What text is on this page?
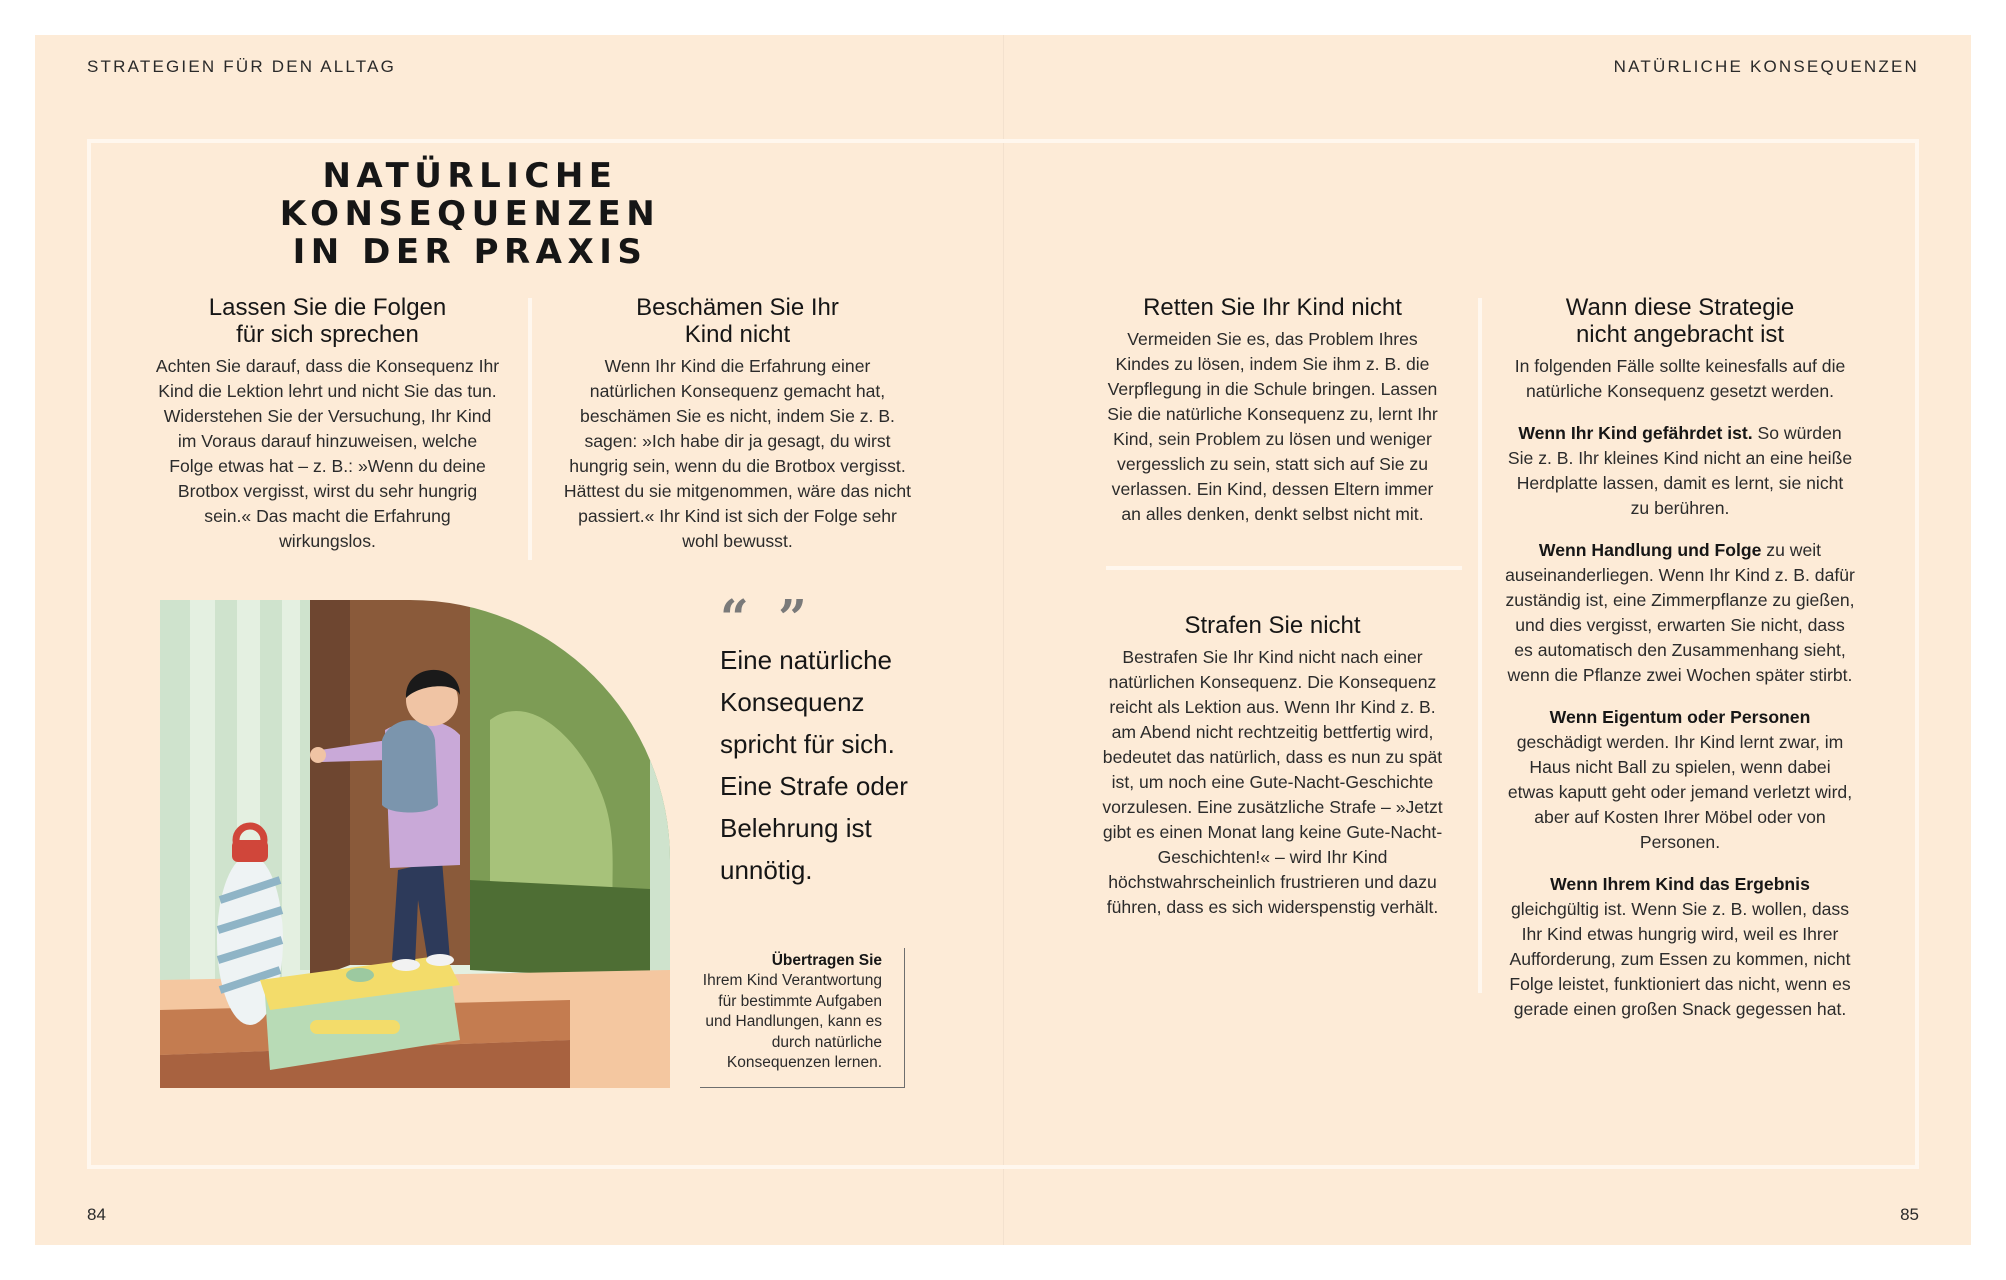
STRATEGIEN FÜR DEN ALLTAG	NATÜRLICHE KONSEQUENZEN
84	85
NATÜRLICHE KONSEQUENZEN
IN DER PRAXIS
Lassen Sie die Folgen
für sich sprechen

Achten Sie darauf, dass die Konsequenz Ihr Kind die Lektion lehrt und nicht Sie das tun. Widerstehen Sie der Versuchung, Ihr Kind im Voraus darauf hinzuweisen, welche Folge etwas hat – z. B.: »Wenn du deine Brotbox vergisst, wirst du sehr hungrig sein.« Das macht die Erfahrung wirkungslos.

Beschämen Sie Ihr
Kind nicht

Wenn Ihr Kind die Erfahrung einer natürlichen Konsequenz gemacht hat, beschämen Sie es nicht, indem Sie z. B. sagen: »Ich habe dir ja gesagt, du wirst hungrig sein, wenn du die Brotbox vergisst. Hättest du sie mitgenommen, wäre das nicht passiert.« Ihr Kind ist sich der Folge sehr wohl bewusst.

Retten Sie Ihr Kind nicht

Vermeiden Sie es, das Problem Ihres Kindes zu lösen, indem Sie ihm z. B. die Verpflegung in die Schule bringen. Lassen Sie die natürliche Konsequenz zu, lernt Ihr Kind, sein Problem zu lösen und weniger vergesslich zu sein, statt sich auf Sie zu verlassen. Ein Kind, dessen Eltern immer an alles denken, denkt selbst nicht mit.

Strafen Sie nicht

Bestrafen Sie Ihr Kind nicht nach einer natürlichen Konsequenz. Die Konsequenz reicht als Lektion aus. Wenn Ihr Kind z. B. am Abend nicht rechtzeitig bettfertig wird, bedeutet das natürlich, dass es nun zu spät ist, um noch eine Gute-Nacht-Geschichte vorzulesen. Eine zusätzliche Strafe – »Jetzt gibt es einen Monat lang keine Gute-Nacht-Geschichten!« – wird Ihr Kind höchstwahrscheinlich frustrieren und dazu führen, dass es sich widerspenstig verhält.

Wann diese Strategie
nicht angebracht ist

In folgenden Fälle sollte keinesfalls auf die natürliche Konsequenz gesetzt werden.

Wenn Ihr Kind gefährdet ist. So würden Sie z. B. Ihr kleines Kind nicht an eine heiße Herdplatte lassen, damit es lernt, sie nicht zu berühren.

Wenn Handlung und Folge zu weit auseinanderliegen. Wenn Ihr Kind z. B. dafür zuständig ist, eine Zimmerpflanze zu gießen, und dies vergisst, erwarten Sie nicht, dass es automatisch den Zusammenhang sieht, wenn die Pflanze zwei Wochen später stirbt.

Wenn Eigentum oder Personen geschädigt werden. Ihr Kind lernt zwar, im Haus nicht Ball zu spielen, wenn dabei etwas kaputt geht oder jemand verletzt wird, aber auf Kosten Ihrer Möbel oder von Personen.

Wenn Ihrem Kind das Ergebnis gleichgültig ist. Wenn Sie z. B. wollen, dass Ihr Kind etwas hungrig wird, weil es Ihrer Aufforderung, zum Essen zu kommen, nicht Folge leistet, funktioniert das nicht, wenn es gerade einen großen Snack gegessen hat.

“ ”
Eine natürliche
Konsequenz
spricht für sich.
Eine Strafe oder
Belehrung ist
unnötig.
Übertragen Sie
Ihrem Kind Verantwortung für bestimmte Aufgaben und Handlungen, kann es durch natürliche Konsequenzen lernen.
